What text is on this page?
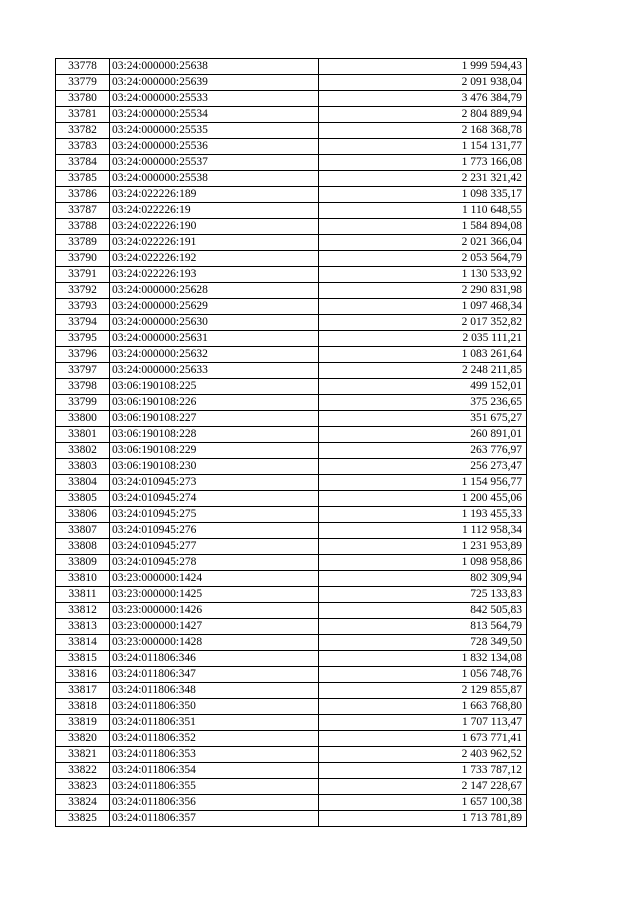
33778	03:24:000000:25638	1 999 594,43
33779	03:24:000000:25639	2 091 938,04
33780	03:24:000000:25533	3 476 384,79
33781	03:24:000000:25534	2 804 889,94
33782	03:24:000000:25535	2 168 368,78
33783	03:24:000000:25536	1 154 131,77
33784	03:24:000000:25537	1 773 166,08
33785	03:24:000000:25538	2 231 321,42
33786	03:24:022226:189	1 098 335,17
33787	03:24:022226:19	1 110 648,55
33788	03:24:022226:190	1 584 894,08
33789	03:24:022226:191	2 021 366,04
33790	03:24:022226:192	2 053 564,79
33791	03:24:022226:193	1 130 533,92
33792	03:24:000000:25628	2 290 831,98
33793	03:24:000000:25629	1 097 468,34
33794	03:24:000000:25630	2 017 352,82
33795	03:24:000000:25631	2 035 111,21
33796	03:24:000000:25632	1 083 261,64
33797	03:24:000000:25633	2 248 211,85
33798	03:06:190108:225	499 152,01
33799	03:06:190108:226	375 236,65
33800	03:06:190108:227	351 675,27
33801	03:06:190108:228	260 891,01
33802	03:06:190108:229	263 776,97
33803	03:06:190108:230	256 273,47
33804	03:24:010945:273	1 154 956,77
33805	03:24:010945:274	1 200 455,06
33806	03:24:010945:275	1 193 455,33
33807	03:24:010945:276	1 112 958,34
33808	03:24:010945:277	1 231 953,89
33809	03:24:010945:278	1 098 958,86
33810	03:23:000000:1424	802 309,94
33811	03:23:000000:1425	725 133,83
33812	03:23:000000:1426	842 505,83
33813	03:23:000000:1427	813 564,79
33814	03:23:000000:1428	728 349,50
33815	03:24:011806:346	1 832 134,08
33816	03:24:011806:347	1 056 748,76
33817	03:24:011806:348	2 129 855,87
33818	03:24:011806:350	1 663 768,80
33819	03:24:011806:351	1 707 113,47
33820	03:24:011806:352	1 673 771,41
33821	03:24:011806:353	2 403 962,52
33822	03:24:011806:354	1 733 787,12
33823	03:24:011806:355	2 147 228,67
33824	03:24:011806:356	1 657 100,38
33825	03:24:011806:357	1 713 781,89
